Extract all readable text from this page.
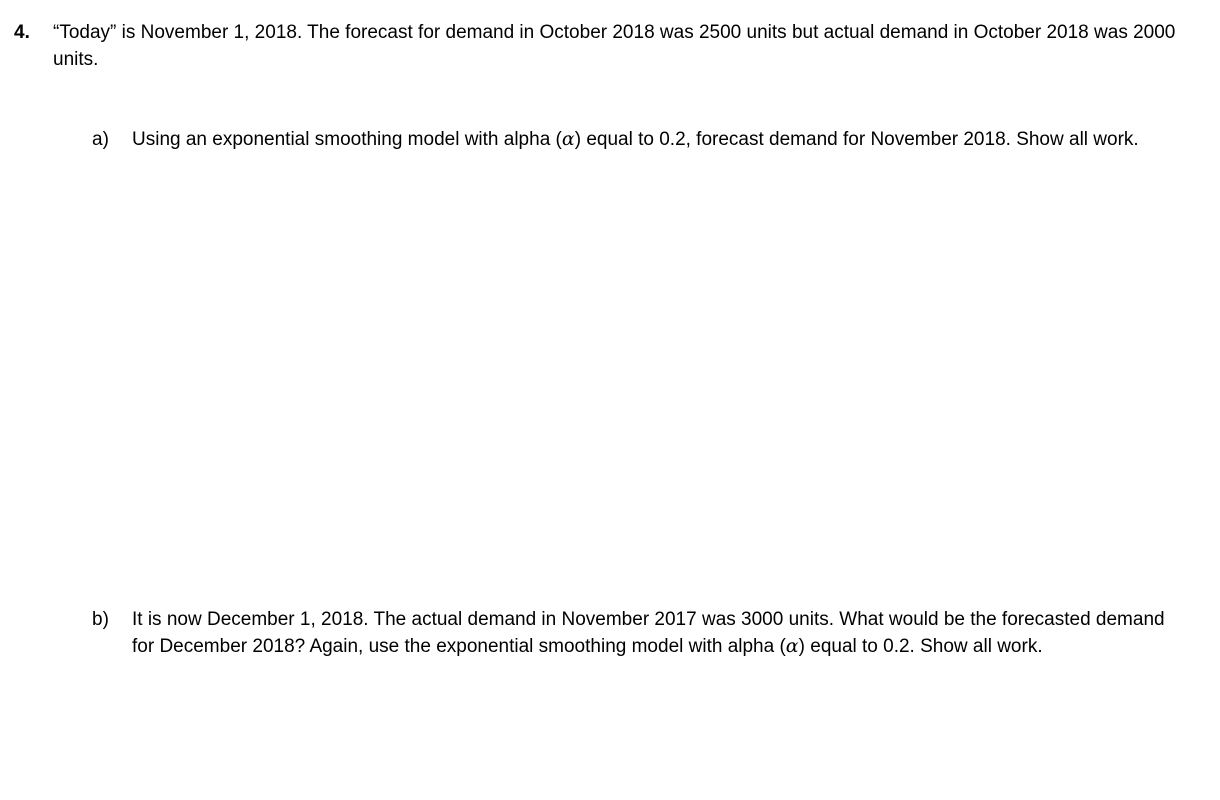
4. “Today” is November 1, 2018. The forecast for demand in October 2018 was 2500 units but actual demand in October 2018 was 2000 units.
a) Using an exponential smoothing model with alpha (α) equal to 0.2, forecast demand for November 2018. Show all work.
b) It is now December 1, 2018. The actual demand in November 2017 was 3000 units. What would be the forecasted demand for December 2018? Again, use the exponential smoothing model with alpha (α) equal to 0.2. Show all work.
